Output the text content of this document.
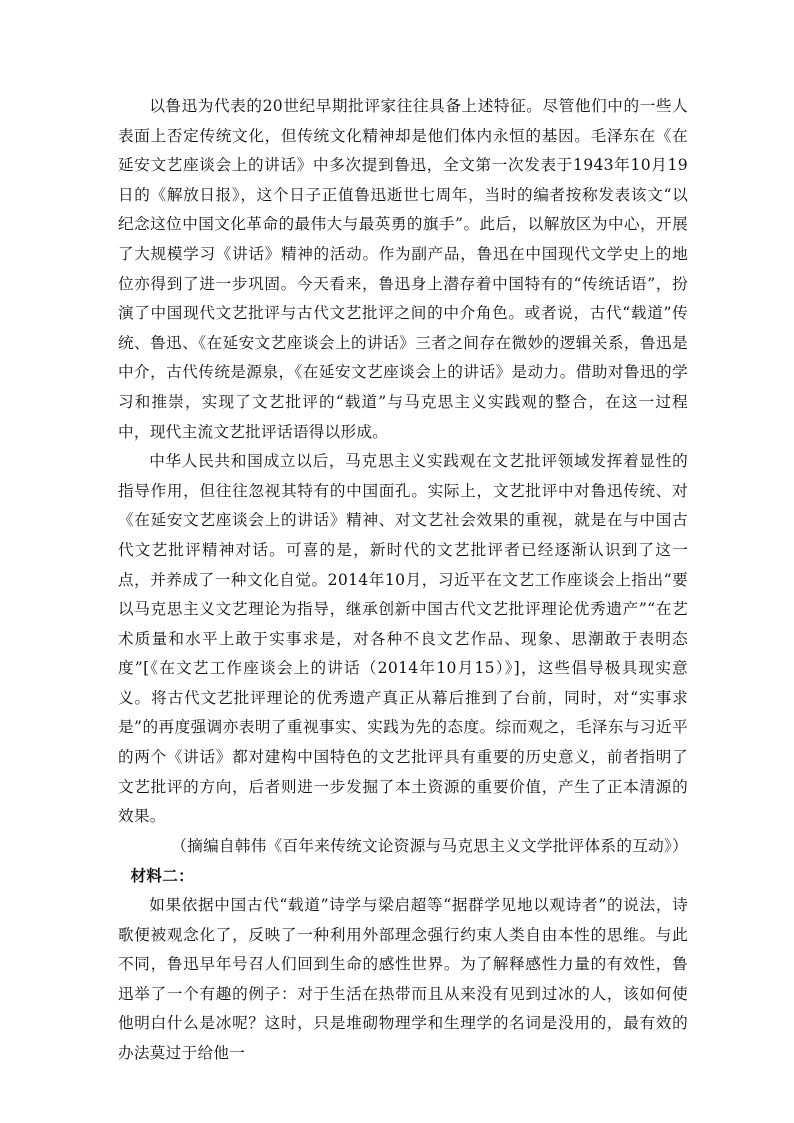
以鲁迅为代表的20世纪早期批评家往往具备上述特征。尽管他们中的一些人表面上否定传统文化，但传统文化精神却是他们体内永恒的基因。毛泽东在《在延安文艺座谈会上的讲话》中多次提到鲁迅，全文第一次发表于1943年10月19日的《解放日报》，这个日子正值鲁迅逝世七周年，当时的编者按称发表该文“以纪念这位中国文化革命的最伟大与最英勇的旗手”。此后，以解放区为中心，开展了大规模学习《讲话》精神的活动。作为副产品，鲁迅在中国现代文学史上的地位亦得到了进一步巩固。今天看来，鲁迅身上潜存着中国特有的“传统话语”，扮演了中国现代文艺批评与古代文艺批评之间的中介角色。或者说，古代“载道”传统、鲁迅、《在延安文艺座谈会上的讲话》三者之间存在微妙的逻辑关系，鲁迅是中介，古代传统是源泉，《在延安文艺座谈会上的讲话》是动力。借助对鲁迅的学习和推崇，实现了文艺批评的“载道”与马克思主义实践观的整合，在这一过程中，现代主流文艺批评话语得以形成。

中华人民共和国成立以后，马克思主义实践观在文艺批评领域发挥着显性的指导作用，但往往忽视其特有的中国面孔。实际上，文艺批评中对鲁迅传统、对《在延安文艺座谈会上的讲话》精神、对文艺社会效果的重视，就是在与中国古代文艺批评精神对话。可喜的是，新时代的文艺批评者已经逐渐认识到了这一点，并养成了一种文化自觉。2014年10月，习近平在文艺工作座谈会上指出“要以马克思主义文艺理论为指导，继承创新中国古代文艺批评理论优秀遗产”“在艺术质量和水平上敢于实事求是，对各种不良文艺作品、现象、思潮敢于表明态度”[《在文艺工作座谈会上的讲话（2014年10月15）》]，这些倡导极具现实意义。将古代文艺批评理论的优秀遗产真正从幕后推到了台前，同时，对“实事求是”的再度强调亦表明了重视事实、实践为先的态度。综而观之，毛泽东与习近平的两个《讲话》都对建构中国特色的文艺批评具有重要的历史意义，前者指明了文艺批评的方向，后者则进一步发掘了本土资源的重要价值，产生了正本清源的效果。

（摘编自韩伟《百年来传统文论资源与马克思主义文学批评体系的互动》）

材料二：

如果依据中国古代“载道”诗学与梁启超等“据群学见地以观诗者”的说法，诗歌便被观念化了，反映了一种利用外部理念强行约束人类自由本性的思维。与此不同，鲁迅早年号召人们回到生命的感性世界。为了解释感性力量的有效性，鲁迅举了一个有趣的例子：对于生活在热带而且从来没有见到过冰的人，该如何使他明白什么是冰呢？这时，只是堆砌物理学和生理学的名词是没用的，最有效的办法莫过于给他一
